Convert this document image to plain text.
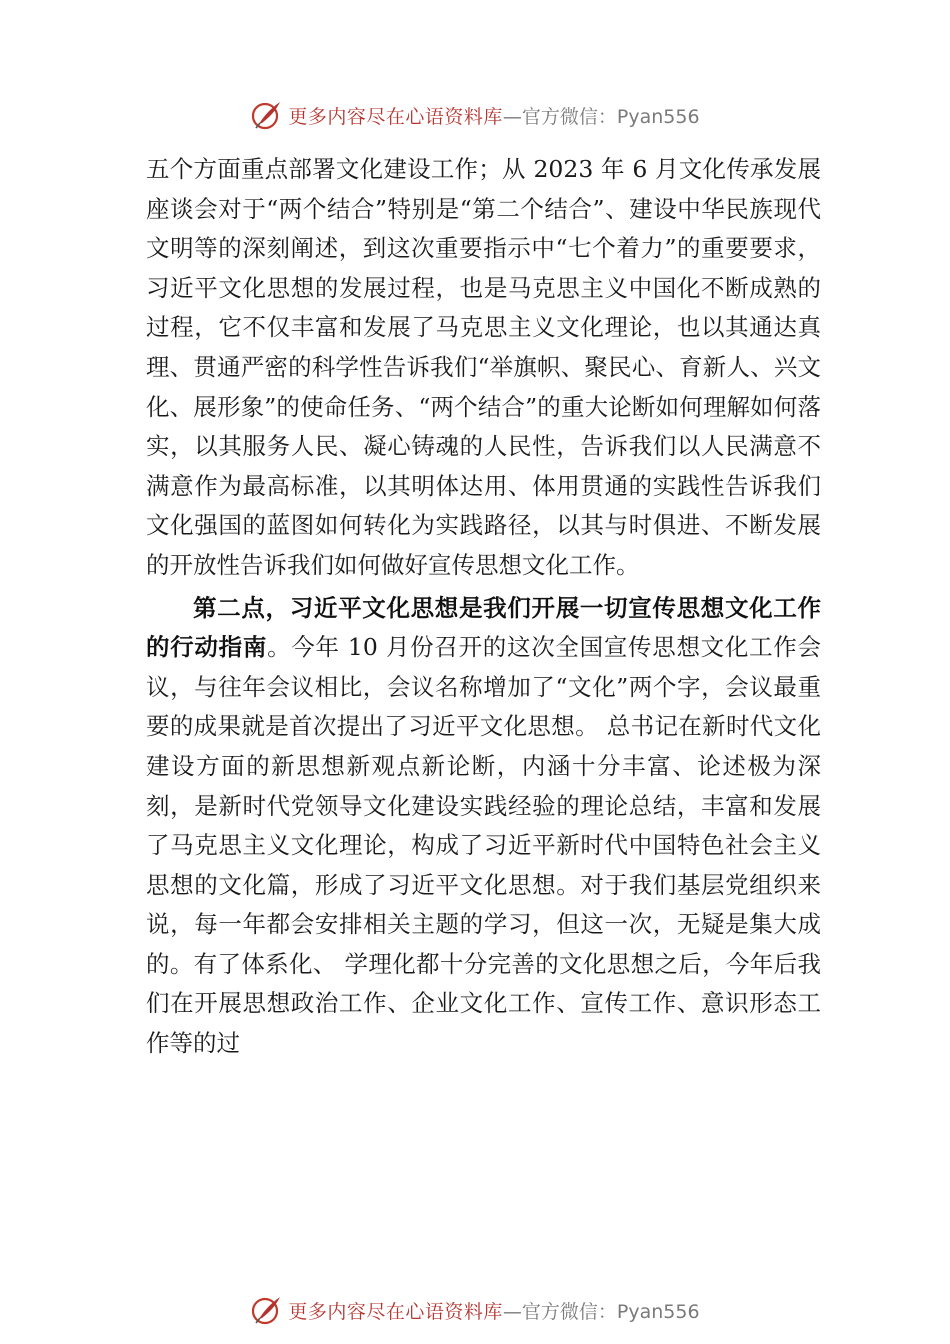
更多内容尽在心语资料库 —官方微信：Pyan556

五个方面重点部署文化建设工作；从 2023 年 6 月文化传承发展座谈会对于“两个结合”特别是“第二个结合”、建设中华民族现代文明等的深刻阐述，到这次重要指示中“七个着力”的重要要求，习近平文化思想的发展过程，也是马克思主义中国化不断成熟的过程，它不仅丰富和发展了马克思主义文化理论，也以其通达真理、贯通严密的科学性告诉我们“举旗帜、聚民心、育新人、兴文化、展形象”的使命任务、“两个结合”的重大论断如何理解如何落实，以其服务人民、凝心铸魂的人民性，告诉我们以人民满意不满意作为最高标准，以其明体达用、体用贯通的实践性告诉我们文化强国的蓝图如何转化为实践路径，以其与时俱进、不断发展的开放性告诉我们如何做好宣传思想文化工作。

第二点，习近平文化思想是我们开展一切宣传思想文化工作的行动指南。今年 10 月份召开的这次全国宣传思想文化工作会议，与往年会议相比，会议名称增加了“文化”两个字，会议最重要的成果就是首次提出了习近平文化思想。 总书记在新时代文化建设方面的新思想新观点新论断，内涵十分丰富、论述极为深刻，是新时代党领导文化建设实践经验的理论总结，丰富和发展了马克思主义文化理论，构成了习近平新时代中国特色社会主义思想的文化篇，形成了习近平文化思想。对于我们基层党组织来说，每一年都会安排相关主题的学习，但这一次，无疑是集大成的。有了体系化、 学理化都十分完善的文化思想之后，今年后我们在开展思想政治工作、企业文化工作、宣传工作、意识形态工作等的过

更多内容尽在心语资料库 —官方微信：Pyan556
